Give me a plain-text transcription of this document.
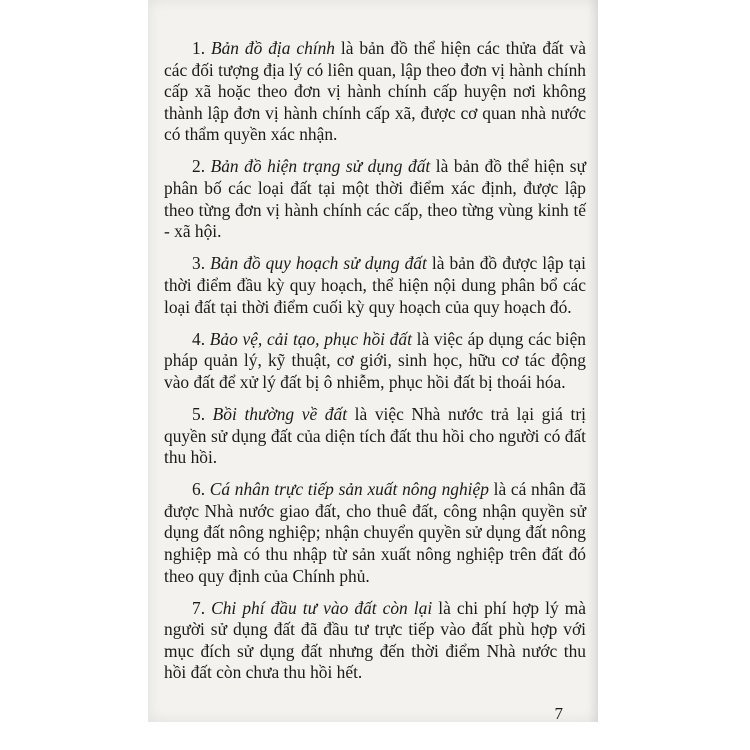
1. Bản đồ địa chính là bản đồ thể hiện các thửa đất và các đối tượng địa lý có liên quan, lập theo đơn vị hành chính cấp xã hoặc theo đơn vị hành chính cấp huyện nơi không thành lập đơn vị hành chính cấp xã, được cơ quan nhà nước có thẩm quyền xác nhận.

2. Bản đồ hiện trạng sử dụng đất là bản đồ thể hiện sự phân bố các loại đất tại một thời điểm xác định, được lập theo từng đơn vị hành chính các cấp, theo từng vùng kinh tế - xã hội.

3. Bản đồ quy hoạch sử dụng đất là bản đồ được lập tại thời điểm đầu kỳ quy hoạch, thể hiện nội dung phân bổ các loại đất tại thời điểm cuối kỳ quy hoạch của quy hoạch đó.

4. Bảo vệ, cải tạo, phục hồi đất là việc áp dụng các biện pháp quản lý, kỹ thuật, cơ giới, sinh học, hữu cơ tác động vào đất để xử lý đất bị ô nhiễm, phục hồi đất bị thoái hóa.

5. Bồi thường về đất là việc Nhà nước trả lại giá trị quyền sử dụng đất của diện tích đất thu hồi cho người có đất thu hồi.

6. Cá nhân trực tiếp sản xuất nông nghiệp là cá nhân đã được Nhà nước giao đất, cho thuê đất, công nhận quyền sử dụng đất nông nghiệp; nhận chuyển quyền sử dụng đất nông nghiệp mà có thu nhập từ sản xuất nông nghiệp trên đất đó theo quy định của Chính phủ.

7. Chi phí đầu tư vào đất còn lại là chi phí hợp lý mà người sử dụng đất đã đầu tư trực tiếp vào đất phù hợp với mục đích sử dụng đất nhưng đến thời điểm Nhà nước thu hồi đất còn chưa thu hồi hết.

7
